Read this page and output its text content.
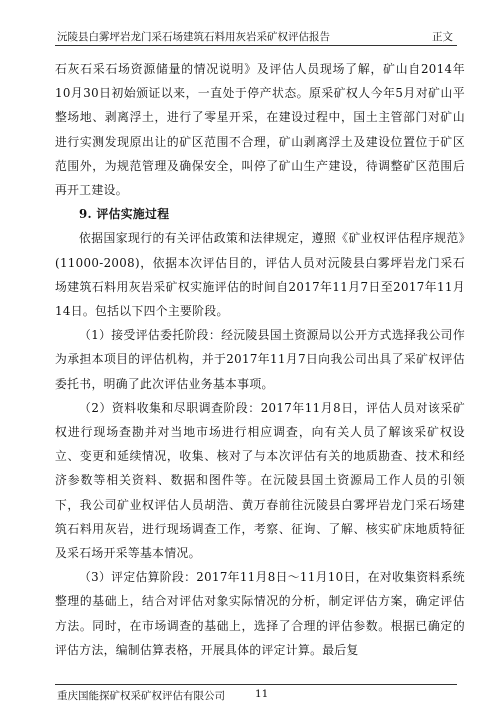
沅陵县白雾坪岩龙门采石场建筑石料用灰岩采矿权评估报告	正文

石灰石采石场资源储量的情况说明》及评估人员现场了解，矿山自2014年10月30日初始颁证以来，一直处于停产状态。原采矿权人今年5月对矿山平整场地、剥离浮土，进行了零星开采，在建设过程中，国土主管部门对矿山进行实测发现原出让的矿区范围不合理，矿山剥离浮土及建设位置位于矿区范围外，为规范管理及确保安全，叫停了矿山生产建设，待调整矿区范围后再开工建设。

9. 评估实施过程

依据国家现行的有关评估政策和法律规定，遵照《矿业权评估程序规范》(11000-2008)，依据本次评估目的，评估人员对沅陵县白雾坪岩龙门采石场建筑石料用灰岩采矿权实施评估的时间自2017年11月7日至2017年11月14日。包括以下四个主要阶段。

（1）接受评估委托阶段：经沅陵县国土资源局以公开方式选择我公司作为承担本项目的评估机构，并于2017年11月7日向我公司出具了采矿权评估委托书，明确了此次评估业务基本事项。

（2）资料收集和尽职调查阶段：2017年11月8日，评估人员对该采矿权进行现场查勘并对当地市场进行相应调查，向有关人员了解该采矿权设立、变更和延续情况，收集、核对了与本次评估有关的地质勘查、技术和经济参数等相关资料、数据和图件等。在沅陵县国土资源局工作人员的引领下，我公司矿业权评估人员胡浩、黄万春前往沅陵县白雾坪岩龙门采石场建筑石料用灰岩，进行现场调查工作，考察、征询、了解、核实矿床地质特征及采石场开采等基本情况。

（3）评定估算阶段：2017年11月8日～11月10日，在对收集资料系统整理的基础上，结合对评估对象实际情况的分析，制定评估方案，确定评估方法。同时，在市场调查的基础上，选择了合理的评估参数。根据已确定的评估方法，编制估算表格，开展具体的评定计算。最后复

重庆国能探矿权采矿权评估有限公司	11
